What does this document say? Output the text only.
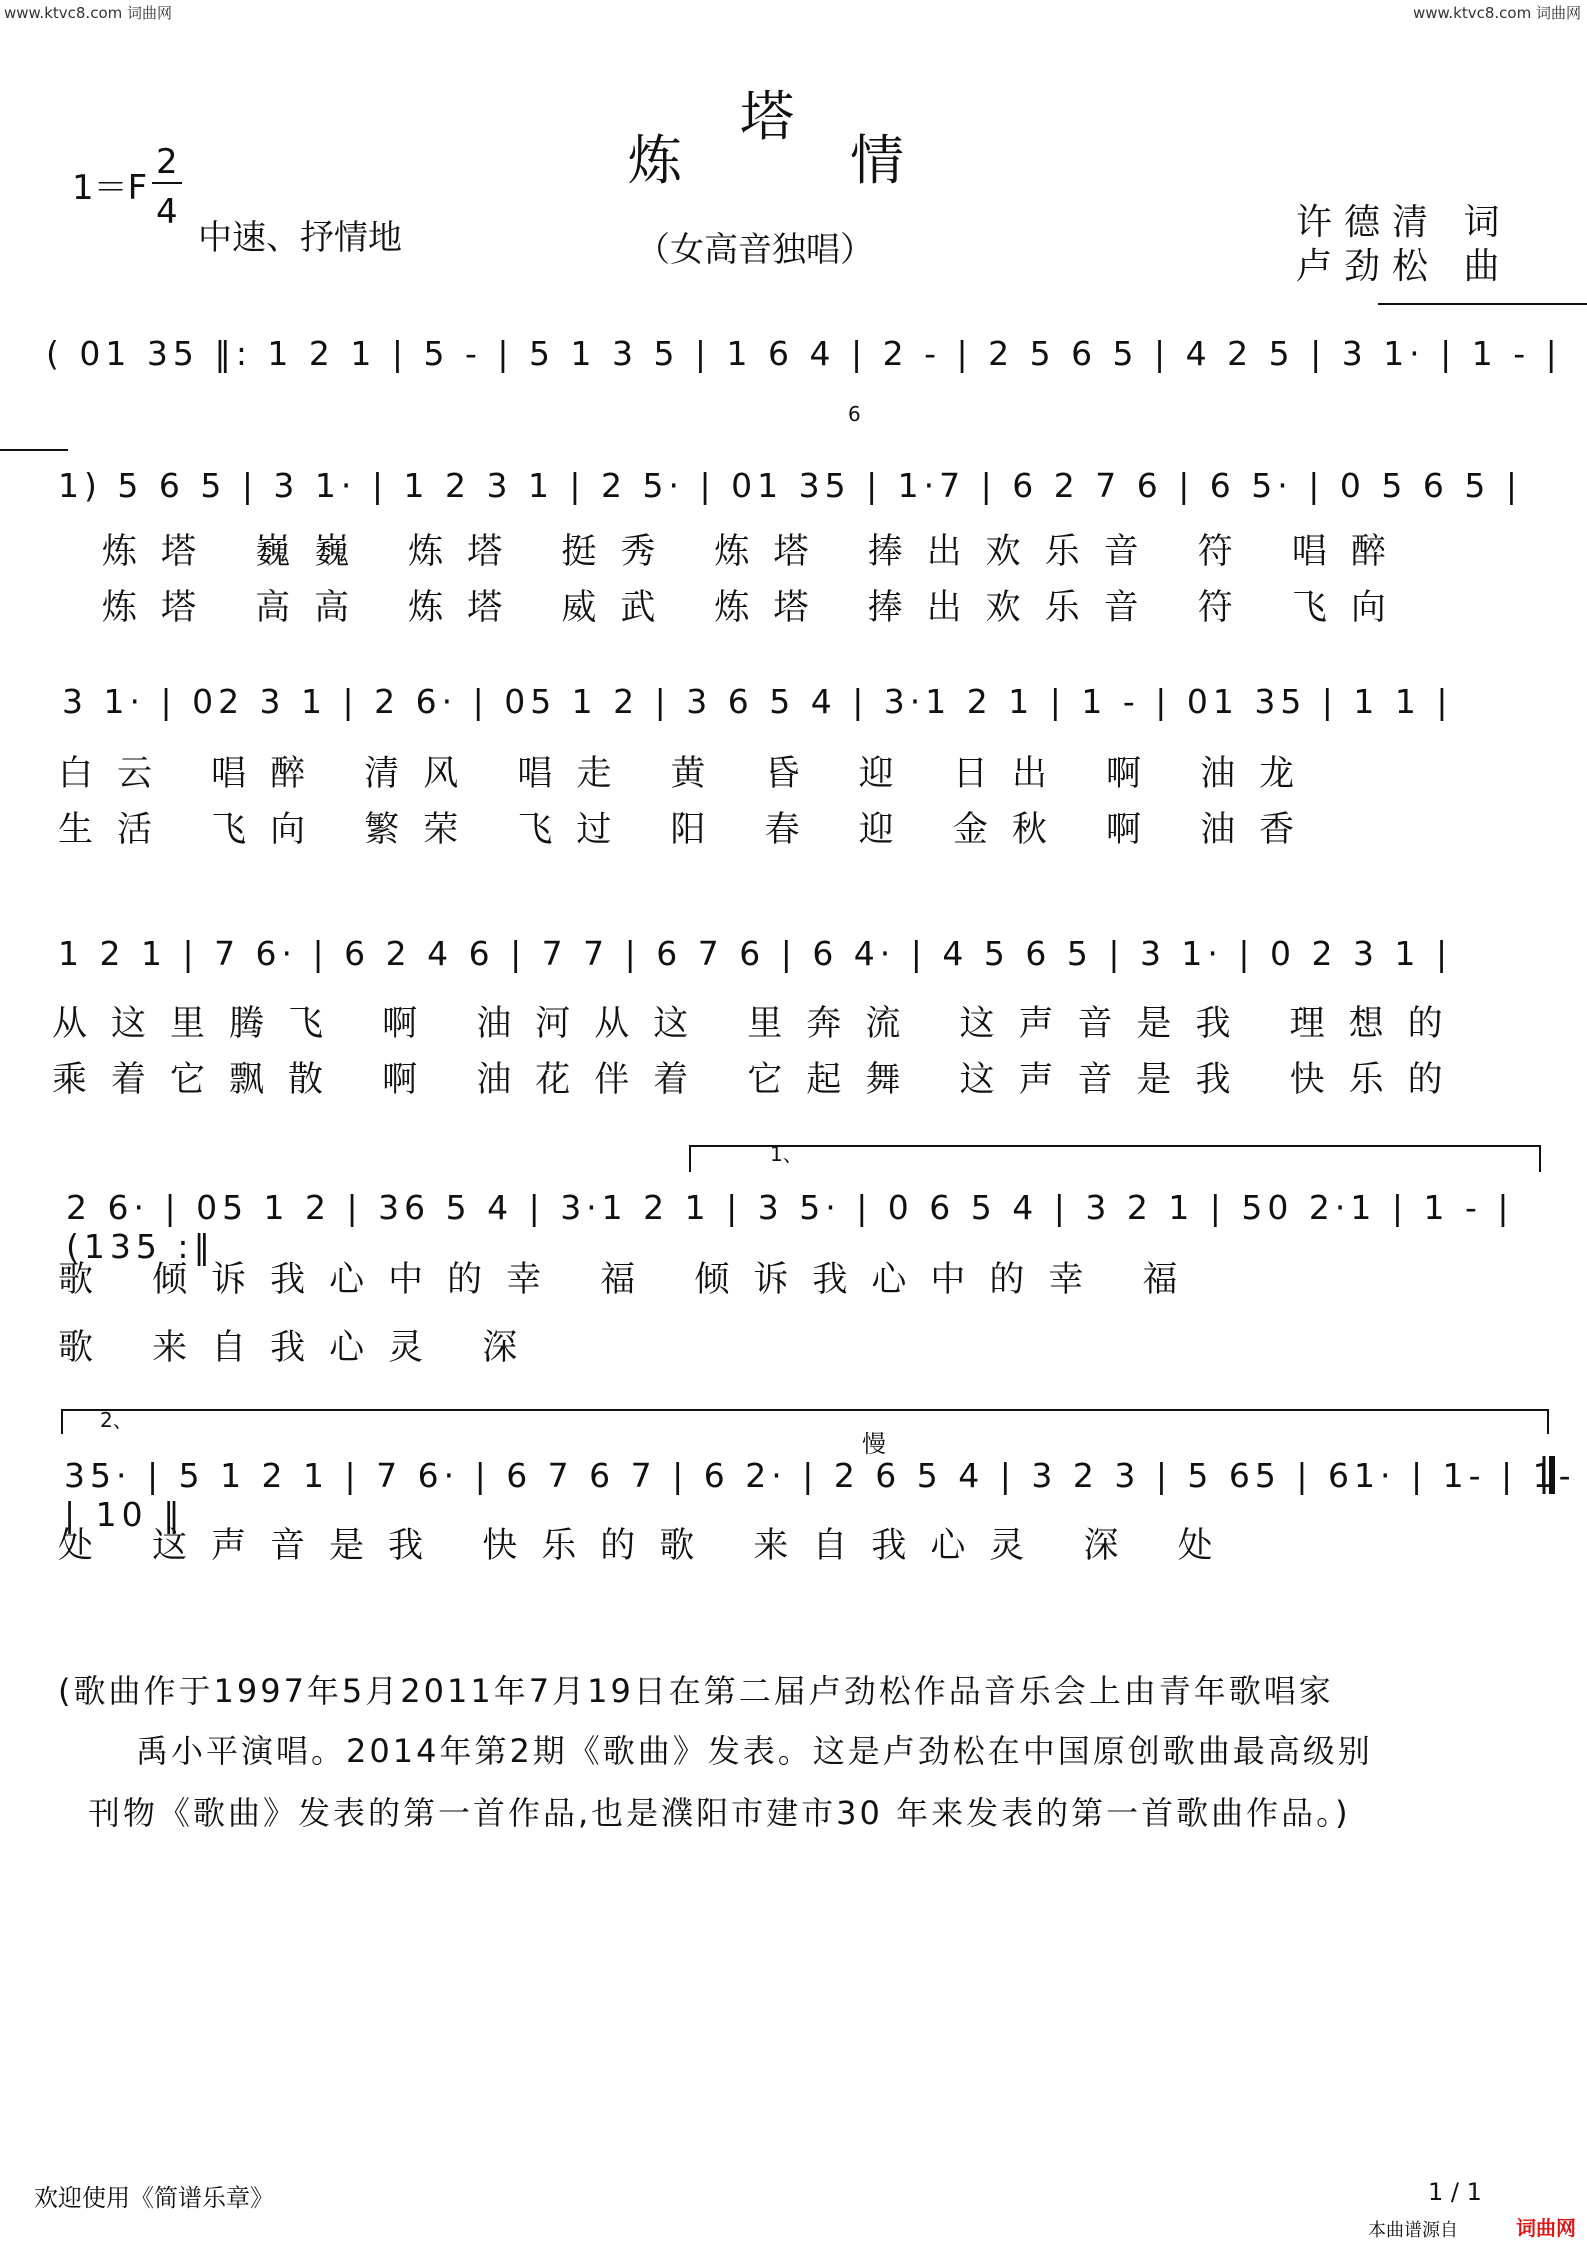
www.ktvc8.com 词曲网	www.ktvc8.com 词曲网
炼
塔
情
1＝F
2
4
中速、抒情地	（女高音独唱）
许德清 词
卢劲松 曲
( 01 35 ‖: 1 2 1 | 5 - | 5 1 3 5 | 1 6 4 | 2 - | 2 5 6 5 | 4 2 5 | 3 1· | 1 - |
6
1) 5 6 5 | 3 1· | 1 2 3 1 | 2 5· | 01 35 | 1·7 | 6 2 7 6 | 6 5· | 0 5 6 5 |
炼塔 巍巍 炼塔 挺秀 炼塔 捧出欢乐音 符 唱醉
炼塔 高高 炼塔 威武 炼塔 捧出欢乐音 符 飞向
3 1· | 02 3 1 | 2 6· | 05 1 2 | 3 6 5 4 | 3·1 2 1 | 1 - | 01 35 | 1 1 |
白云 唱醉 清风 唱走 黄 昏 迎 日出 啊 油龙
生活 飞向 繁荣 飞过 阳 春 迎 金秋 啊 油香
1 2 1 | 7 6· | 6 2 4 6 | 7 7 | 6 7 6 | 6 4· | 4 5 6 5 | 3 1· | 0 2 3 1 |
从这里腾飞 啊 油河从这 里奔流 这声音是我 理想的
乘着它飘散 啊 油花伴着 它起舞 这声音是我 快乐的
1、
2 6· | 05 1 2 | 36 5 4 | 3·1 2 1 | 3 5· | 0 6 5 4 | 3 2 1 | 50 2·1 | 1 - | (135 :‖
歌 倾诉我心中的幸 福 倾诉我心中的幸 福
歌 来自我心灵 深
2、
慢
35· | 5 1 2 1 | 7 6· | 6 7 6 7 | 6 2· | 2 6 5 4 | 3 2 3 | 5 65 | 61· | 1- | 1- | 10 ‖
处 这声音是我 快乐的歌 来自我心灵 深 处
(歌曲作于1997年5月2011年7月19日在第二届卢劲松作品音乐会上由青年歌唱家
禹小平演唱。2014年第2期《歌曲》发表。这是卢劲松在中国原创歌曲最高级别
刊物《歌曲》发表的第一首作品,也是濮阳市建市30 年来发表的第一首歌曲作品。)
欢迎使用《简谱乐章》	1 / 1
本曲谱源自	词曲网
